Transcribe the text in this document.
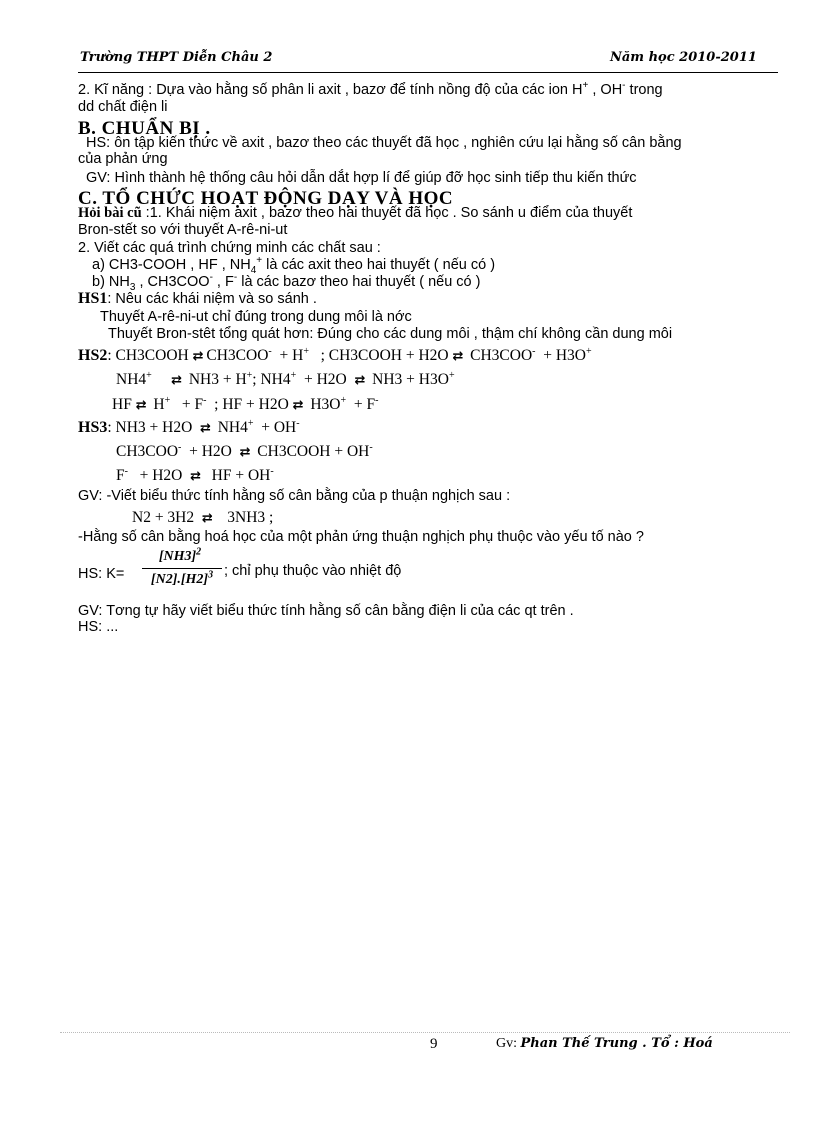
Trường THPT Diễn Châu 2	Năm học 2010-2011
2. Kĩ năng : Dựa vào hằng số phân li axit , bazơ để tính nồng độ của các ion H+ , OH- trong
dd chất điện li
B. CHUẨN BỊ .
HS: ôn tập kiến thức về axit , bazơ theo các thuyết đã học , nghiên cứu lại hằng số cân bằng
của phản ứng
GV: Hình thành hệ thống câu hỏi dẫn dắt hợp lí để giúp đỡ học sinh tiếp thu kiến thức
C. TỔ CHỨC HOẠT ĐỘNG DẠY VÀ HỌC
Hỏi bài cũ :1. Khái niệm axit , bazơ theo hai thuyết đã học . So sánh u điểm của thuyết
Bron-stết so với thuyết A-rê-ni-ut
2. Viết các quá trình chứng minh các chất sau :
a) CH3-COOH , HF , $NH_4^+$ là các axit theo hai thuyết ( nếu có )
b) $NH_3$ , CH3COO- , F- là các bazơ theo hai thuyết ( nếu có )
HS1: Nêu các khái niệm và so sánh .
Thuyết A-rê-ni-ut chỉ đúng trong dung môi là nớc
Thuyết Bron-stêt tổng quát hơn: Đúng cho các dung môi , thậm chí không cần dung môi
HS2: CH3COOH ⇄ CH3COO- + H+ ; CH3COOH + H2O ⇄ CH3COO- + H3O+
NH4+ ⇄ NH3 + H+; NH4+ + H2O ⇄ NH3 + H3O+
HF ⇄ H+ + F- ; HF + H2O ⇄ H3O+ + F-
HS3: NH3 + H2O ⇄ NH4+ + OH-
CH3COO- + H2O ⇄ CH3COOH + OH-
F- + H2O ⇄ HF + OH-
GV: -Viết biểu thức tính hằng số cân bằng của p thuận nghịch sau :
N2 + 3H2 ⇄ 3NH3 ;
-Hằng số cân bằng hoá học của một phản ứng thuận nghịch phụ thuộc vào yếu tố nào ?
HS: K=
$[NH3]^2$
$[N2].[H2]^3$ ; chỉ phụ thuộc vào nhiệt độ
GV: Tơng tự hãy viết biểu thức tính hằng số cân bằng điện li của các qt trên .
HS: ...
9	Gv: Phan Thế Trung . Tổ : Hoá
